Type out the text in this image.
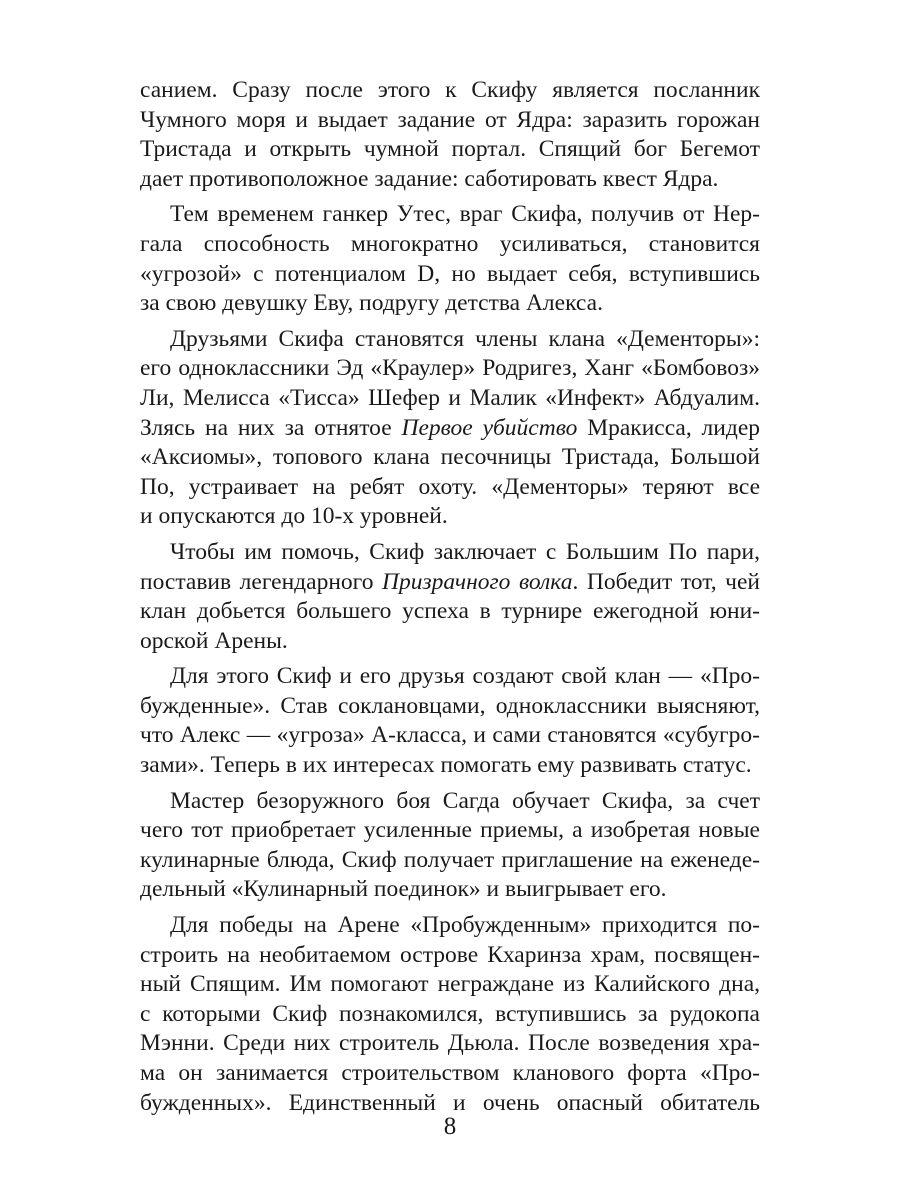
санием. Сразу после этого к Скифу является посланник
Чумного моря и выдает задание от Ядра: заразить горожан
Тристада и открыть чумной портал. Спящий бог Бегемот
дает противоположное задание: саботировать квест Ядра.
Тем временем ганкер Утес, враг Скифа, получив от Нер-
гала способность многократно усиливаться, становится
«угрозой» с потенциалом D, но выдает себя, вступившись
за свою девушку Еву, подругу детства Алекса.
Друзьями Скифа становятся члены клана «Дементоры»:
его одноклассники Эд «Краулер» Родригез, Ханг «Бомбовоз»
Ли, Мелисса «Тисса» Шефер и Малик «Инфект» Абдуалим.
Злясь на них за отнятое Первое убийство Мракисса, лидер
«Аксиомы», топового клана песочницы Тристада, Большой
По, устраивает на ребят охоту. «Дементоры» теряют все
и опускаются до 10-х уровней.
Чтобы им помочь, Скиф заключает с Большим По пари,
поставив легендарного Призрачного волка. Победит тот, чей
клан добьется большего успеха в турнире ежегодной юни-
орской Арены.
Для этого Скиф и его друзья создают свой клан — «Про-
бужденные». Став соклановцами, одноклассники выясняют,
что Алекс — «угроза» А-класса, и сами становятся «субугро-
зами». Теперь в их интересах помогать ему развивать статус.
Мастер безоружного боя Сагда обучает Скифа, за счет
чего тот приобретает усиленные приемы, а изобретая новые
кулинарные блюда, Скиф получает приглашение на еженеде-
дельный «Кулинарный поединок» и выигрывает его.
Для победы на Арене «Пробужденным» приходится по-
строить на необитаемом острове Кхаринза храм, посвящен-
ный Спящим. Им помогают неграждане из Калийского дна,
с которыми Скиф познакомился, вступившись за рудокопа
Мэнни. Среди них строитель Дьюла. После возведения хра-
ма он занимается строительством кланового форта «Про-
бужденных». Единственный и очень опасный обитатель
8
